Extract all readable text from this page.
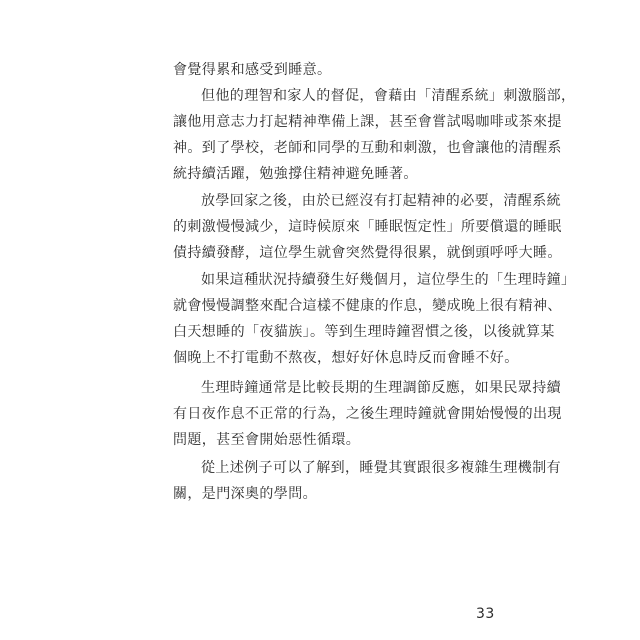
會覺得累和感受到睡意。
但他的理智和家人的督促，會藉由「清醒系統」刺激腦部，
讓他用意志力打起精神準備上課，甚至會嘗試喝咖啡或茶來提
神。到了學校，老師和同學的互動和刺激，也會讓他的清醒系
統持續活躍，勉強撐住精神避免睡著。
放學回家之後，由於已經沒有打起精神的必要，清醒系統
的刺激慢慢減少，這時候原來「睡眠恆定性」所要償還的睡眠
債持續發酵，這位學生就會突然覺得很累，就倒頭呼呼大睡。
如果這種狀況持續發生好幾個月，這位學生的「生理時鐘」
就會慢慢調整來配合這樣不健康的作息，變成晚上很有精神、
白天想睡的「夜貓族」。等到生理時鐘習慣之後，以後就算某
個晚上不打電動不熬夜，想好好休息時反而會睡不好。
生理時鐘通常是比較長期的生理調節反應，如果民眾持續
有日夜作息不正常的行為，之後生理時鐘就會開始慢慢的出現
問題，甚至會開始惡性循環。
從上述例子可以了解到，睡覺其實跟很多複雜生理機制有
關，是門深奧的學問。
33
